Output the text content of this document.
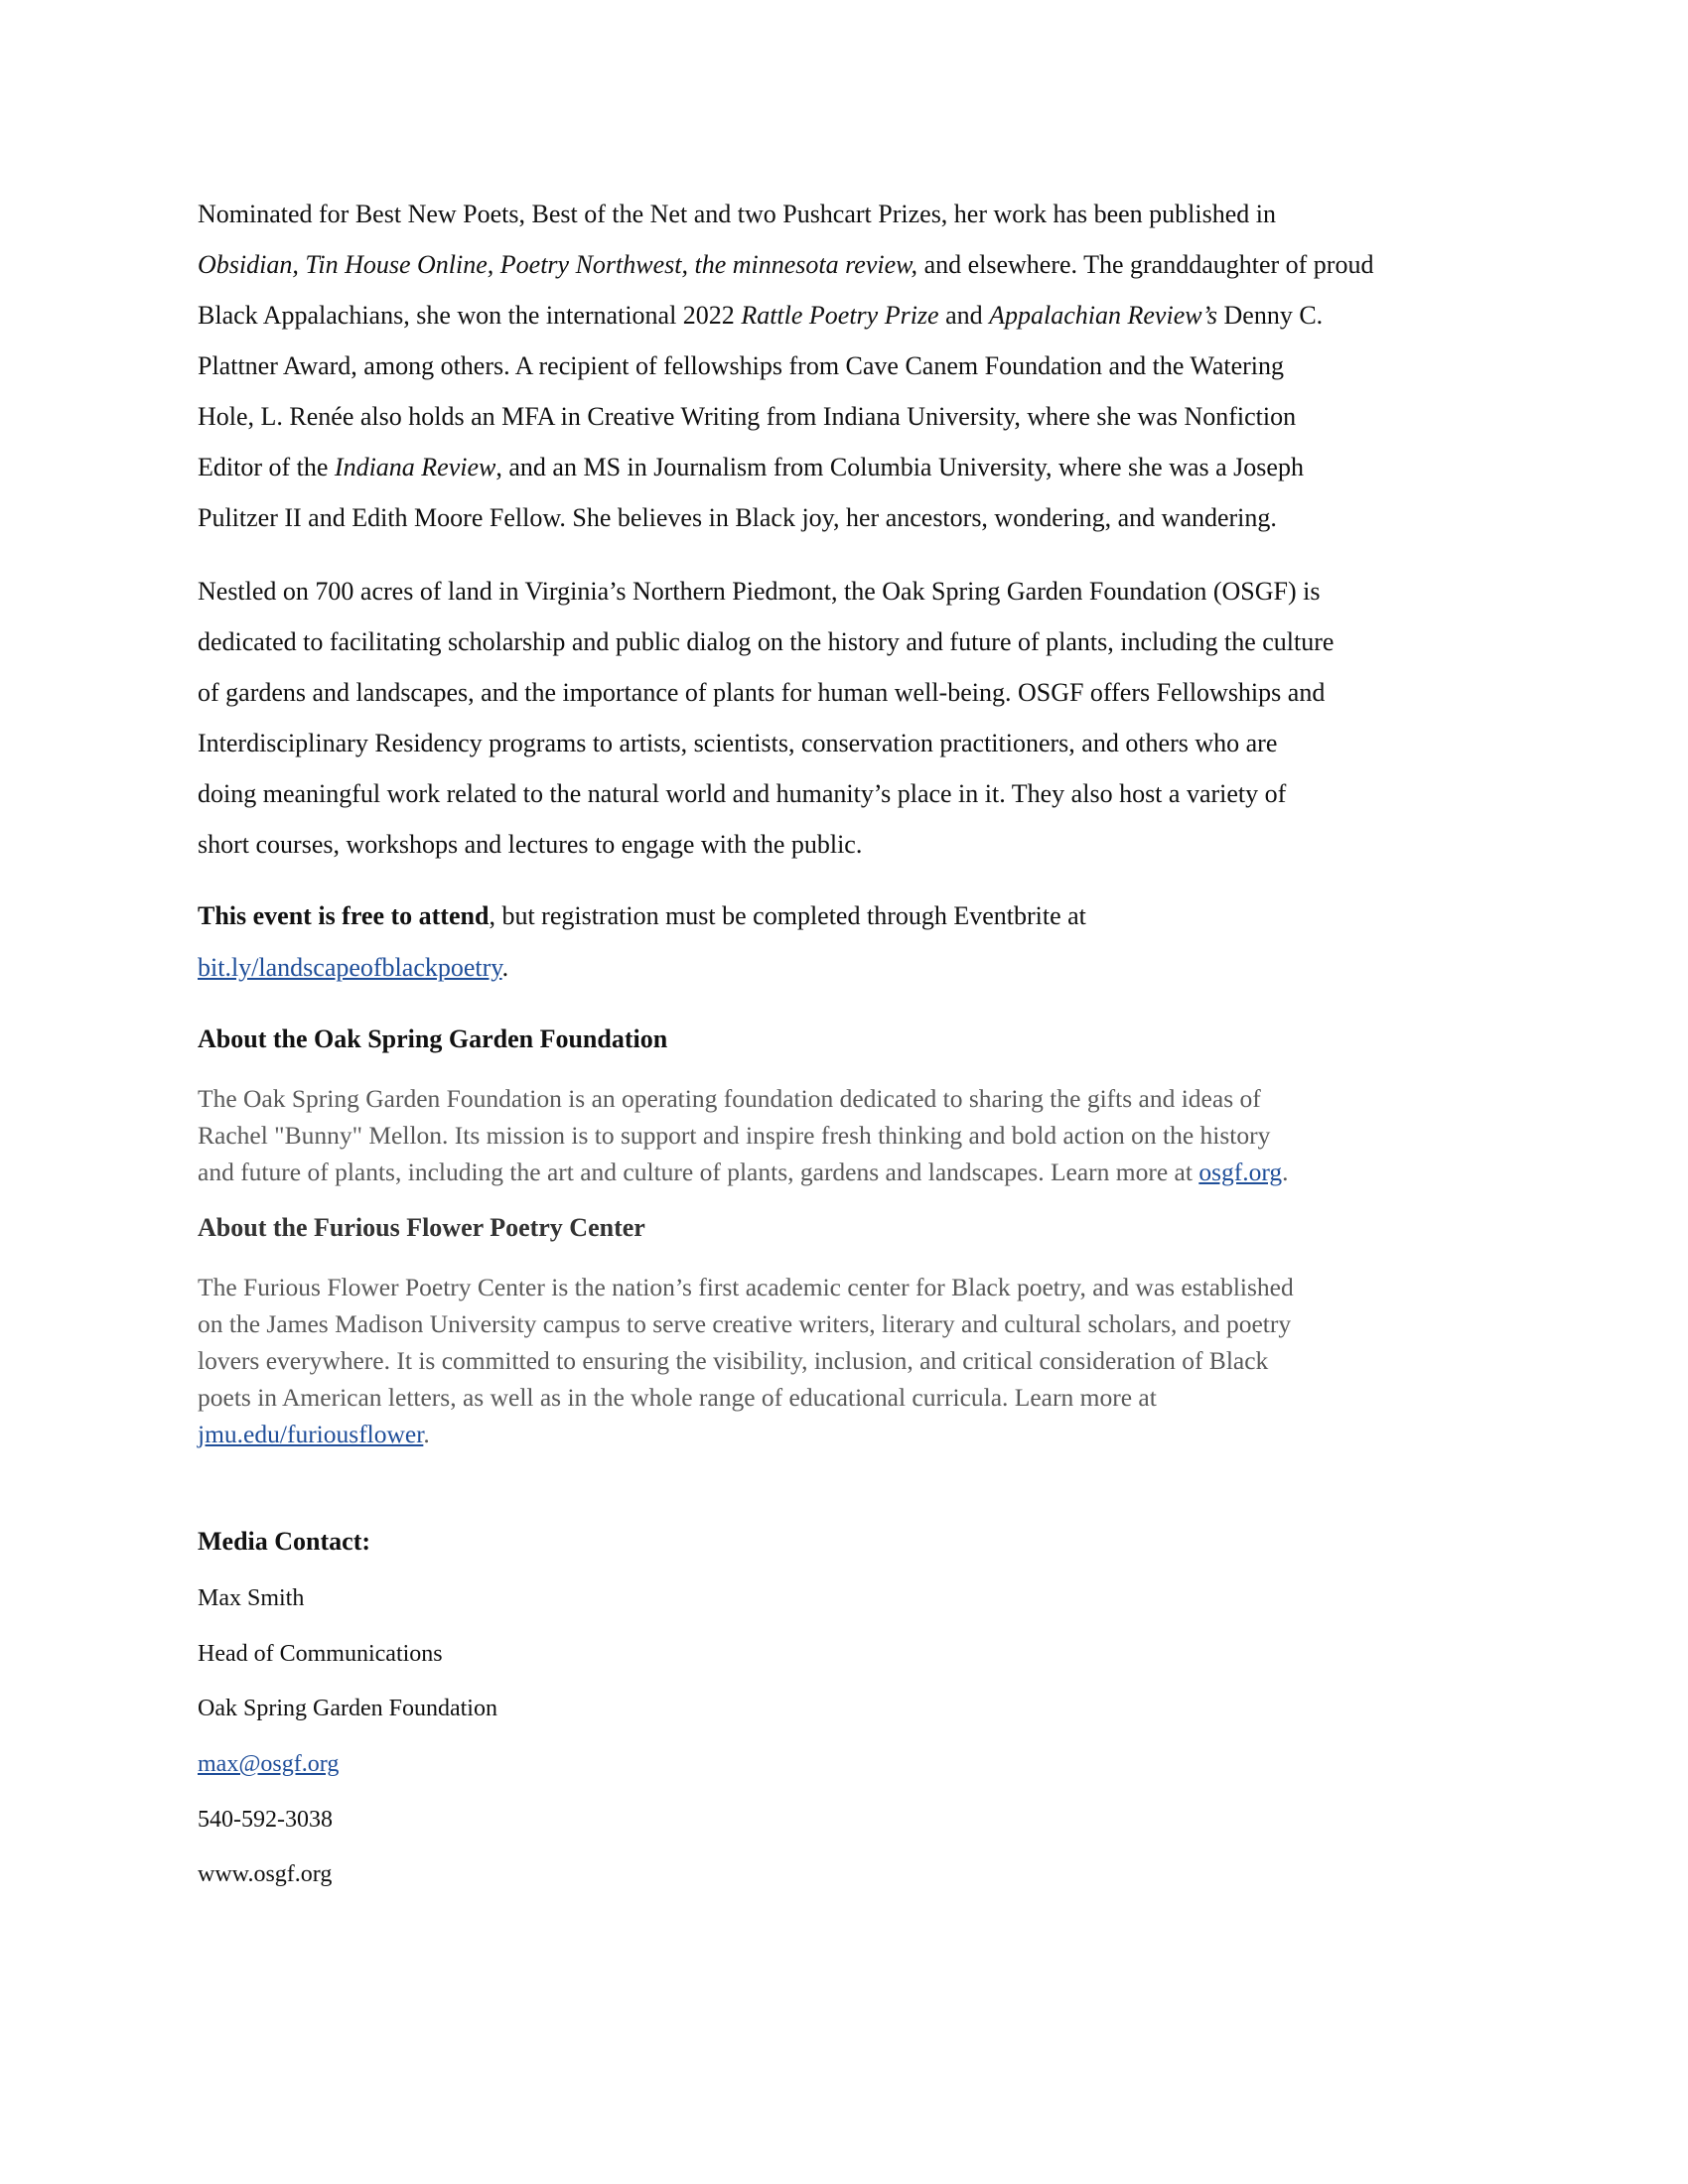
Nominated for Best New Poets, Best of the Net and two Pushcart Prizes, her work has been published in
Obsidian, Tin House Online, Poetry Northwest, the minnesota review, and elsewhere. The granddaughter of proud
Black Appalachians, she won the international 2022 Rattle Poetry Prize and Appalachian Review’s Denny C.
Plattner Award, among others. A recipient of fellowships from Cave Canem Foundation and the Watering
Hole, L. Renée also holds an MFA in Creative Writing from Indiana University, where she was Nonfiction
Editor of the Indiana Review, and an MS in Journalism from Columbia University, where she was a Joseph
Pulitzer II and Edith Moore Fellow. She believes in Black joy, her ancestors, wondering, and wandering.
Nestled on 700 acres of land in Virginia’s Northern Piedmont, the Oak Spring Garden Foundation (OSGF) is
dedicated to facilitating scholarship and public dialog on the history and future of plants, including the culture
of gardens and landscapes, and the importance of plants for human well-being. OSGF offers Fellowships and
Interdisciplinary Residency programs to artists, scientists, conservation practitioners, and others who are
doing meaningful work related to the natural world and humanity’s place in it. They also host a variety of
short courses, workshops and lectures to engage with the public.
This event is free to attend, but registration must be completed through Eventbrite at
bit.ly/landscapeofblackpoetry.
About the Oak Spring Garden Foundation
The Oak Spring Garden Foundation is an operating foundation dedicated to sharing the gifts and ideas of
Rachel "Bunny" Mellon. Its mission is to support and inspire fresh thinking and bold action on the history
and future of plants, including the art and culture of plants, gardens and landscapes. Learn more at osgf.org.
About the Furious Flower Poetry Center
The Furious Flower Poetry Center is the nation’s first academic center for Black poetry, and was established
on the James Madison University campus to serve creative writers, literary and cultural scholars, and poetry
lovers everywhere. It is committed to ensuring the visibility, inclusion, and critical consideration of Black
poets in American letters, as well as in the whole range of educational curricula. Learn more at
jmu.edu/furiousflower.
Media Contact:
Max Smith
Head of Communications
Oak Spring Garden Foundation
max@osgf.org
540-592-3038
www.osgf.org
